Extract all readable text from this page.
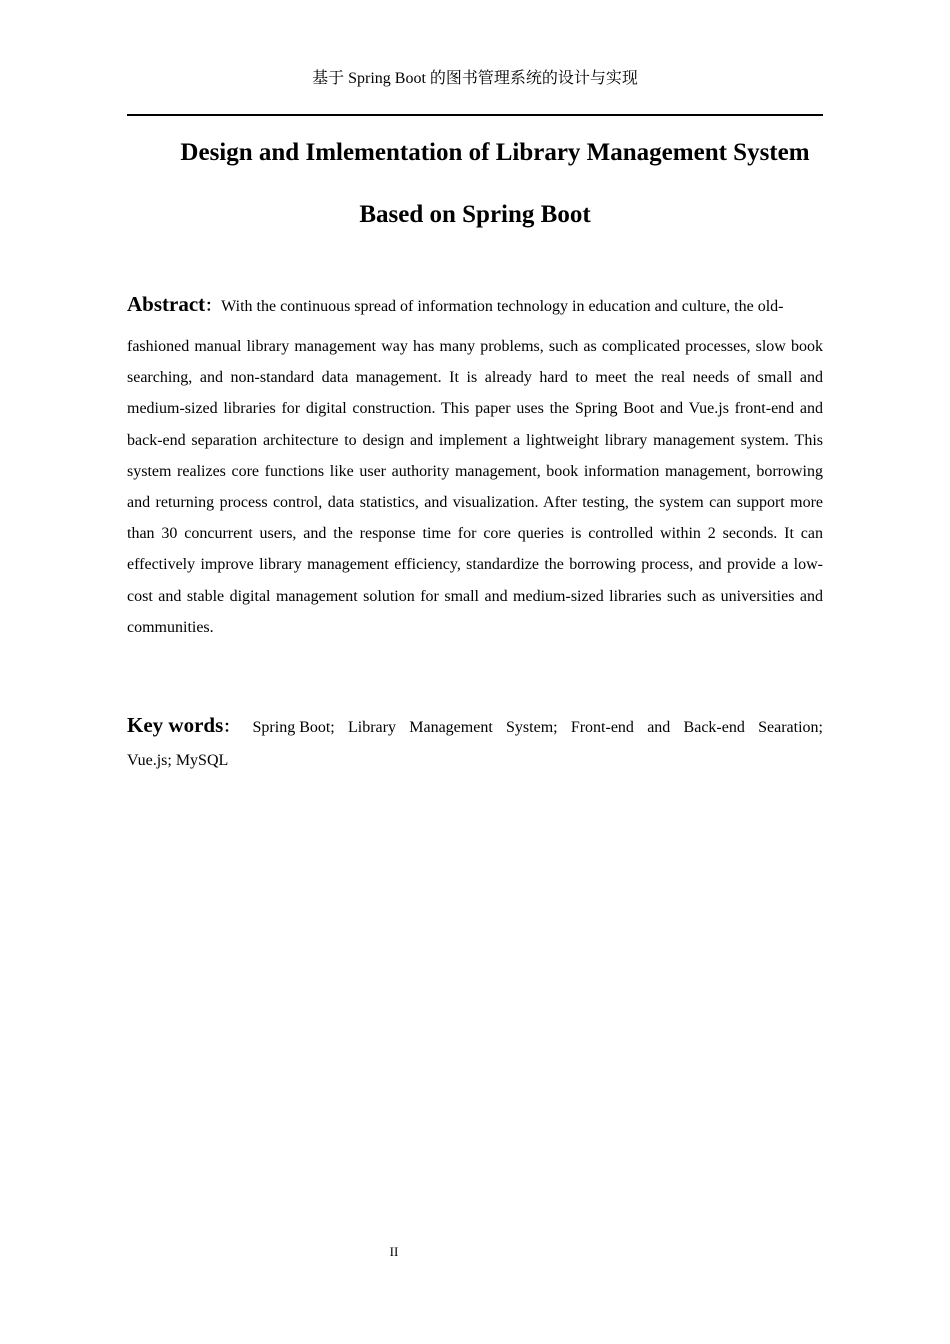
基于 Spring Boot 的图书管理系统的设计与实现
Design and Imlementation of Library Management System
Based on Spring Boot
Abstract：With the continuous spread of information technology in education and culture, the old-
fashioned manual library management way has many problems, such as complicated processes, slow book searching, and non-standard data management. It is already hard to meet the real needs of small and medium-sized libraries for digital construction. This paper uses the Spring Boot and Vue.js front-end and back-end separation architecture to design and implement a lightweight library management system. This system realizes core functions like user authority management, book information management, borrowing and returning process control, data statistics, and visualization. After testing, the system can support more than 30 concurrent users, and the response time for core queries is controlled within 2 seconds. It can effectively improve library management efficiency, standardize the borrowing process, and provide a low-cost and stable digital management solution for small and medium-sized libraries such as universities and communities.
Key words： Spring Boot; Library Management System; Front-end and Back-end Searation;
Vue.js; MySQL
II
